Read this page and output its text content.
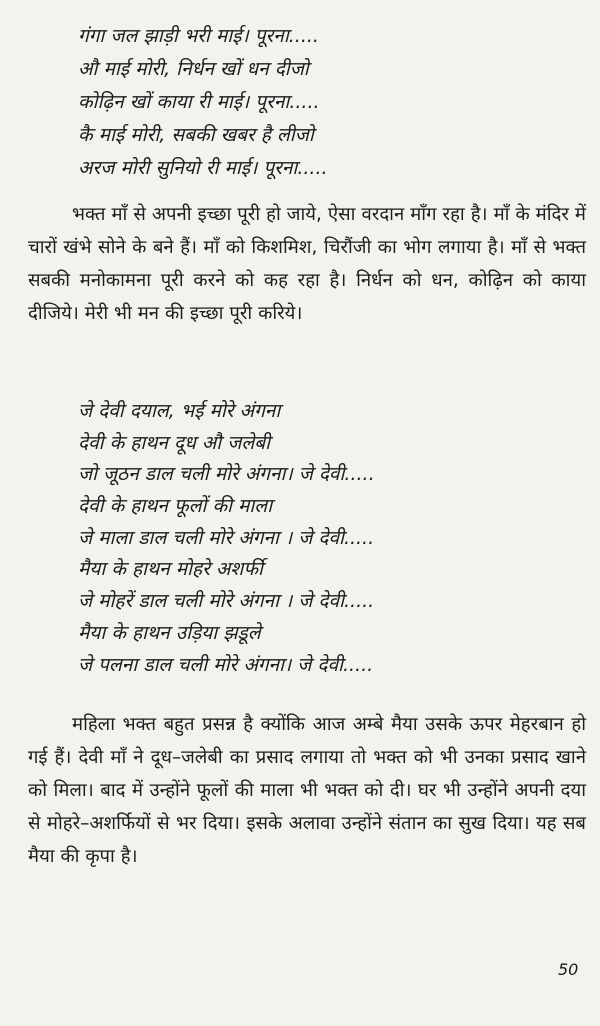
गंगा जल झाड़ी भरी माई। पूरना.....
औ माई मोरी, निर्धन खों धन दीजो
कोढ़िन खों काया री माई। पूरना.....
कै माई मोरी, सबकी खबर है लीजो
अरज मोरी सुनियो री माई। पूरना.....

भक्त माँ से अपनी इच्छा पूरी हो जाये, ऐसा वरदान माँग रहा है। माँ के मंदिर में चारों खंभे सोने के बने हैं। माँ को किशमिश, चिरौंजी का भोग लगाया है। माँ से भक्त सबकी मनोकामना पूरी करने को कह रहा है। निर्धन को धन, कोढ़िन को काया दीजिये। मेरी भी मन की इच्छा पूरी करिये।

जे देवी दयाल, भई मोरे अंगना
देवी के हाथन दूध औ जलेबी
जो जूठन डाल चली मोरे अंगना। जे देवी.....
देवी के हाथन फूलों की माला
जे माला डाल चली मोरे अंगना । जे देवी.....
मैया के हाथन मोहरे अशर्फी
जे मोहरें डाल चली मोरे अंगना । जे देवी.....
मैया के हाथन उड़िया झडूले
जे पलना डाल चली मोरे अंगना। जे देवी.....

महिला भक्त बहुत प्रसन्न है क्योंकि आज अम्बे मैया उसके ऊपर मेहरबान हो गई हैं। देवी माँ ने दूध–जलेबी का प्रसाद लगाया तो भक्त को भी उनका प्रसाद खाने को मिला। बाद में उन्होंने फूलों की माला भी भक्त को दी। घर भी उन्होंने अपनी दया से मोहरे–अशर्फियों से भर दिया। इसके अलावा उन्होंने संतान का सुख दिया। यह सब मैया की कृपा है।

50
